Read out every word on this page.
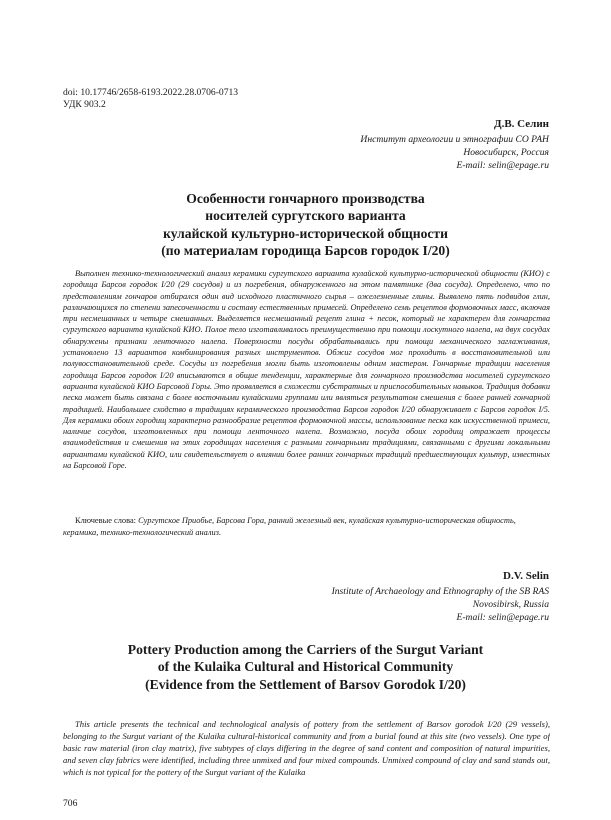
doi: 10.17746/2658-6193.2022.28.0706-0713
УДК 903.2
Д.В. Селин
Институт археологии и этнографии СО РАН
Новосибирск, Россия
E-mail: selin@epage.ru
Особенности гончарного производства
носителей сургутского варианта
кулайской культурно-исторической общности
(по материалам городища Барсов городок I/20)
Выполнен технико-технологический анализ керамики сургутского варианта кулайской культурно-исторической общности (КИО) с городища Барсов городок I/20 (29 сосудов) и из погребения, обнаруженного на этом памятнике (два сосуда). Определено, что по представлениям гончаров отбирался один вид исходного пластичного сырья – ожелезненные глины. Выявлено пять подвидов глин, различающихся по степени запесоченности и составу естественных примесей. Определено семь рецептов формовочных масс, включая три несмешанных и четыре смешанных. Выделяется несмешанный рецепт глина + песок, который не характерен для гончарства сургутского варианта кулайской КИО. Полое тело изготавливалось преимущественно при помощи лоскутного налепа, на двух сосудах обнаружены признаки ленточного налепа. Поверхности посуды обрабатывались при помощи механического заглаживания, установлено 13 вариантов комбинирования разных инструментов. Обжиг сосудов мог проходить в восстановительной или полувосстановительной среде. Сосуды из погребения могли быть изготовлены одним мастером. Гончарные традиции населения городища Барсов городок I/20 вписываются в общие тенденции, характерные для гончарного производства носителей сургутского варианта кулайской КИО Барсовой Горы. Это проявляется в схожести субстратных и приспособительных навыков. Традиция добавки песка может быть связана с более восточными кулайскими группами или являться результатом смешения с более ранней гончарной традицией. Наибольшее сходство в традициях керамического производства Барсов городок I/20 обнаруживает с Барсов городок I/5. Для керамики обоих городищ характерно разнообразие рецептов формовочной массы, использование песка как искусственной примеси, наличие сосудов, изготовленных при помощи ленточного налепа. Возможно, посуда обоих городищ отражает процессы взаимодействия и смешения на этих городищах населения с разными гончарными традициями, связанными с другими локальными вариантами кулайской КИО, или свидетельствует о влиянии более ранних гончарных традиций предшествующих культур, известных на Барсовой Горе.
Ключевые слова: Сургутское Приобье, Барсова Гора, ранний железный век, кулайская культурно-историческая общность, керамика, технико-технологический анализ.
D.V. Selin
Institute of Archaeology and Ethnography of the SB RAS
Novosibirsk, Russia
E-mail: selin@epage.ru
Pottery Production among the Carriers of the Surgut Variant
of the Kulaika Cultural and Historical Community
(Evidence from the Settlement of Barsov Gorodok I/20)
This article presents the technical and technological analysis of pottery from the settlement of Barsov gorodok I/20 (29 vessels), belonging to the Surgut variant of the Kulaika cultural-historical community and from a burial found at this site (two vessels). One type of basic raw material (iron clay matrix), five subtypes of clays differing in the degree of sand content and composition of natural impurities, and seven clay fabrics were identified, including three unmixed and four mixed compounds. Unmixed compound of clay and sand stands out, which is not typical for the pottery of the Surgut variant of the Kulaika
706
